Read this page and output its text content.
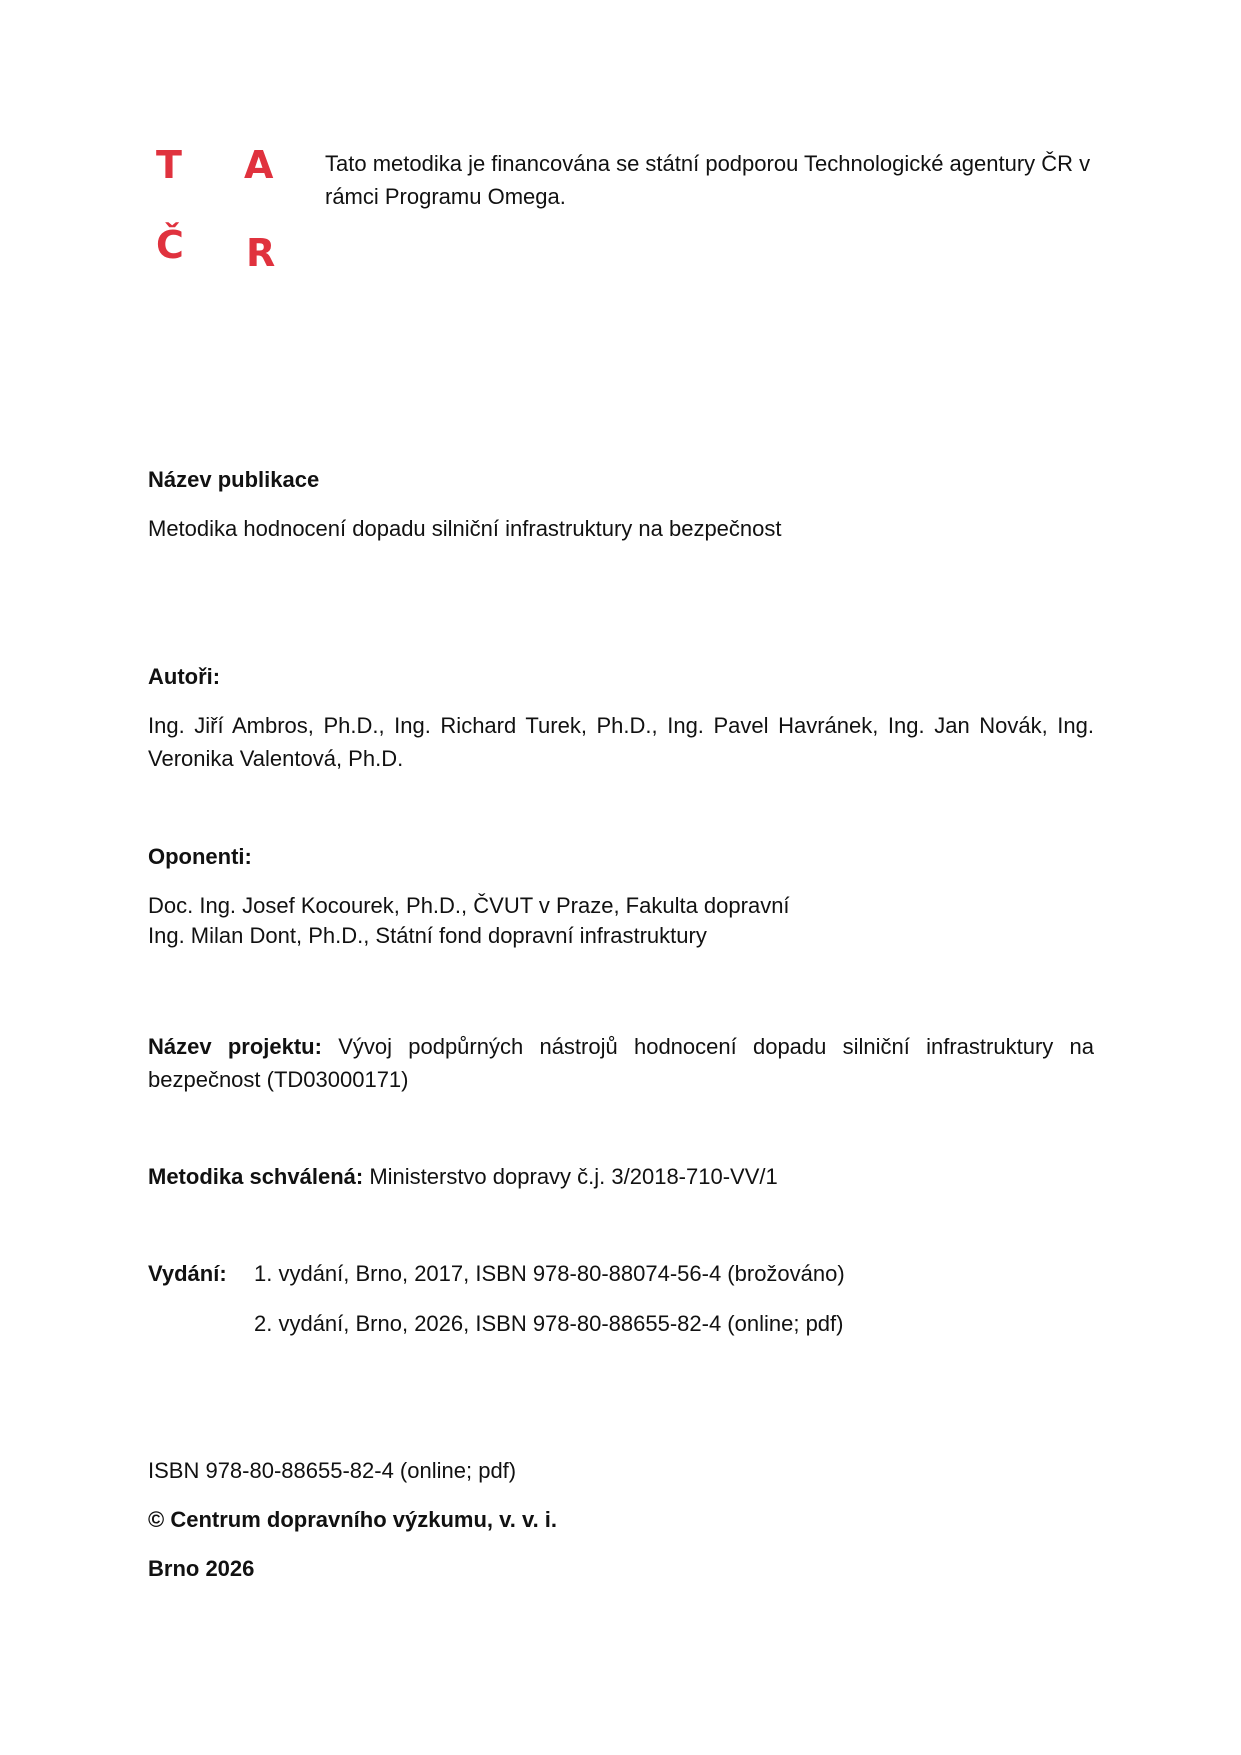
T A
Č R
Tato metodika je financována se státní podporou Technologické agentury ČR v rámci Programu Omega.
Název publikace
Metodika hodnocení dopadu silniční infrastruktury na bezpečnost
Autoři:
Ing. Jiří Ambros, Ph.D., Ing. Richard Turek, Ph.D., Ing. Pavel Havránek, Ing. Jan Novák, Ing. Veronika Valentová, Ph.D.
Oponenti:
Doc. Ing. Josef Kocourek, Ph.D., ČVUT v Praze, Fakulta dopravní
Ing. Milan Dont, Ph.D., Státní fond dopravní infrastruktury
Název projektu: Vývoj podpůrných nástrojů hodnocení dopadu silniční infrastruktury na bezpečnost (TD03000171)
Metodika schválená: Ministerstvo dopravy č.j. 3/2018-710-VV/1
Vydání: 1. vydání, Brno, 2017, ISBN 978-80-88074-56-4 (brožováno)
2. vydání, Brno, 2026, ISBN 978-80-88655-82-4 (online; pdf)
ISBN 978-80-88655-82-4 (online; pdf)
© Centrum dopravního výzkumu, v. v. i.
Brno 2026
